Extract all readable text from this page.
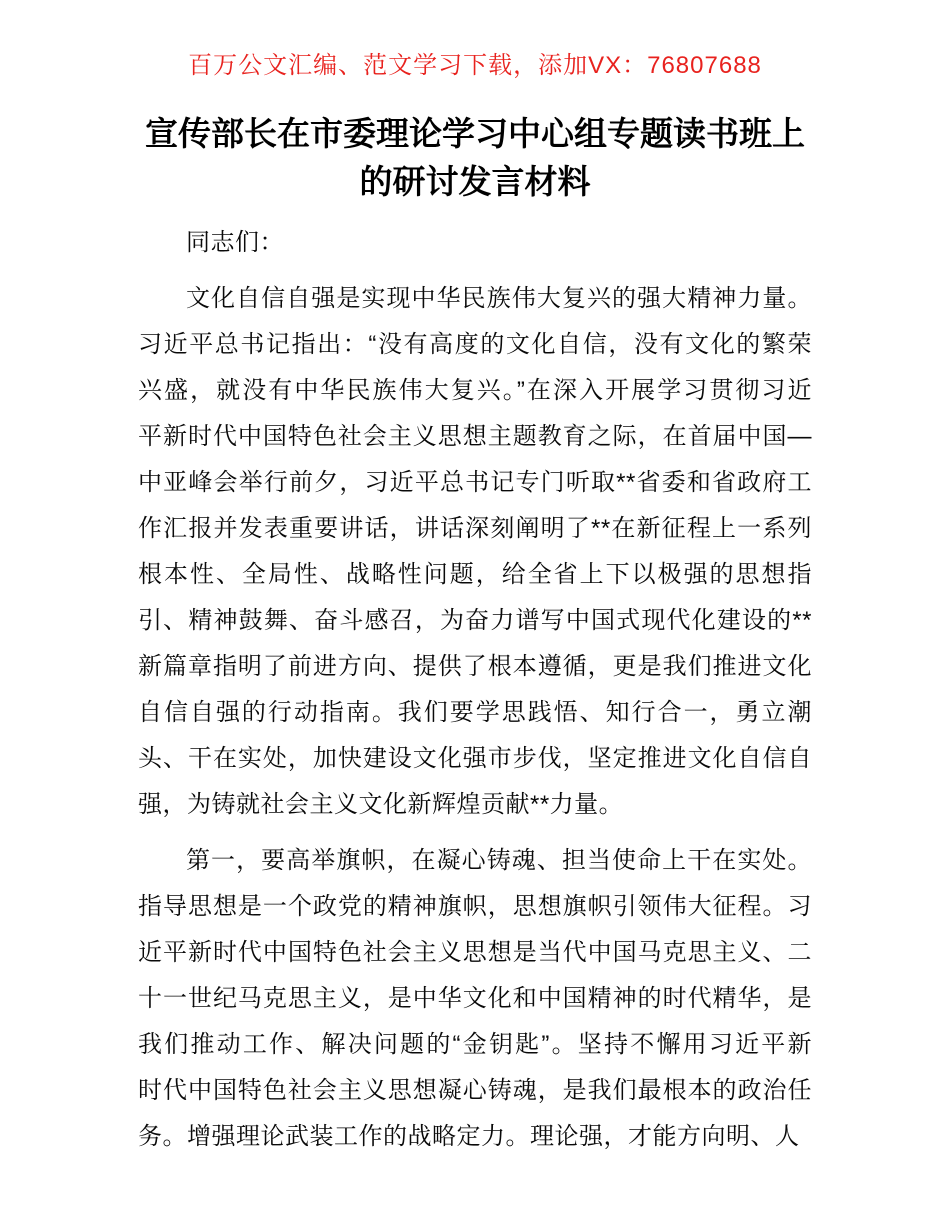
百万公文汇编、范文学习下载，添加VX：76807688
宣传部长在市委理论学习中心组专题读书班上
的研讨发言材料
同志们：
文化自信自强是实现中华民族伟大复兴的强大精神力量。
习近平总书记指出：“没有高度的文化自信，没有文化的繁荣
兴盛，就没有中华民族伟大复兴。”在深入开展学习贯彻习近
平新时代中国特色社会主义思想主题教育之际，在首届中国—
中亚峰会举行前夕，习近平总书记专门听取**省委和省政府工
作汇报并发表重要讲话，讲话深刻阐明了**在新征程上一系列
根本性、全局性、战略性问题，给全省上下以极强的思想指
引、精神鼓舞、奋斗感召，为奋力谱写中国式现代化建设的**
新篇章指明了前进方向、提供了根本遵循，更是我们推进文化
自信自强的行动指南。我们要学思践悟、知行合一，勇立潮
头、干在实处，加快建设文化强市步伐，坚定推进文化自信自
强，为铸就社会主义文化新辉煌贡献**力量。
第一，要高举旗帜，在凝心铸魂、担当使命上干在实处。
指导思想是一个政党的精神旗帜，思想旗帜引领伟大征程。习
近平新时代中国特色社会主义思想是当代中国马克思主义、二
十一世纪马克思主义，是中华文化和中国精神的时代精华，是
我们推动工作、解决问题的“金钥匙”。坚持不懈用习近平新
时代中国特色社会主义思想凝心铸魂，是我们最根本的政治任
务。增强理论武装工作的战略定力。理论强，才能方向明、人
